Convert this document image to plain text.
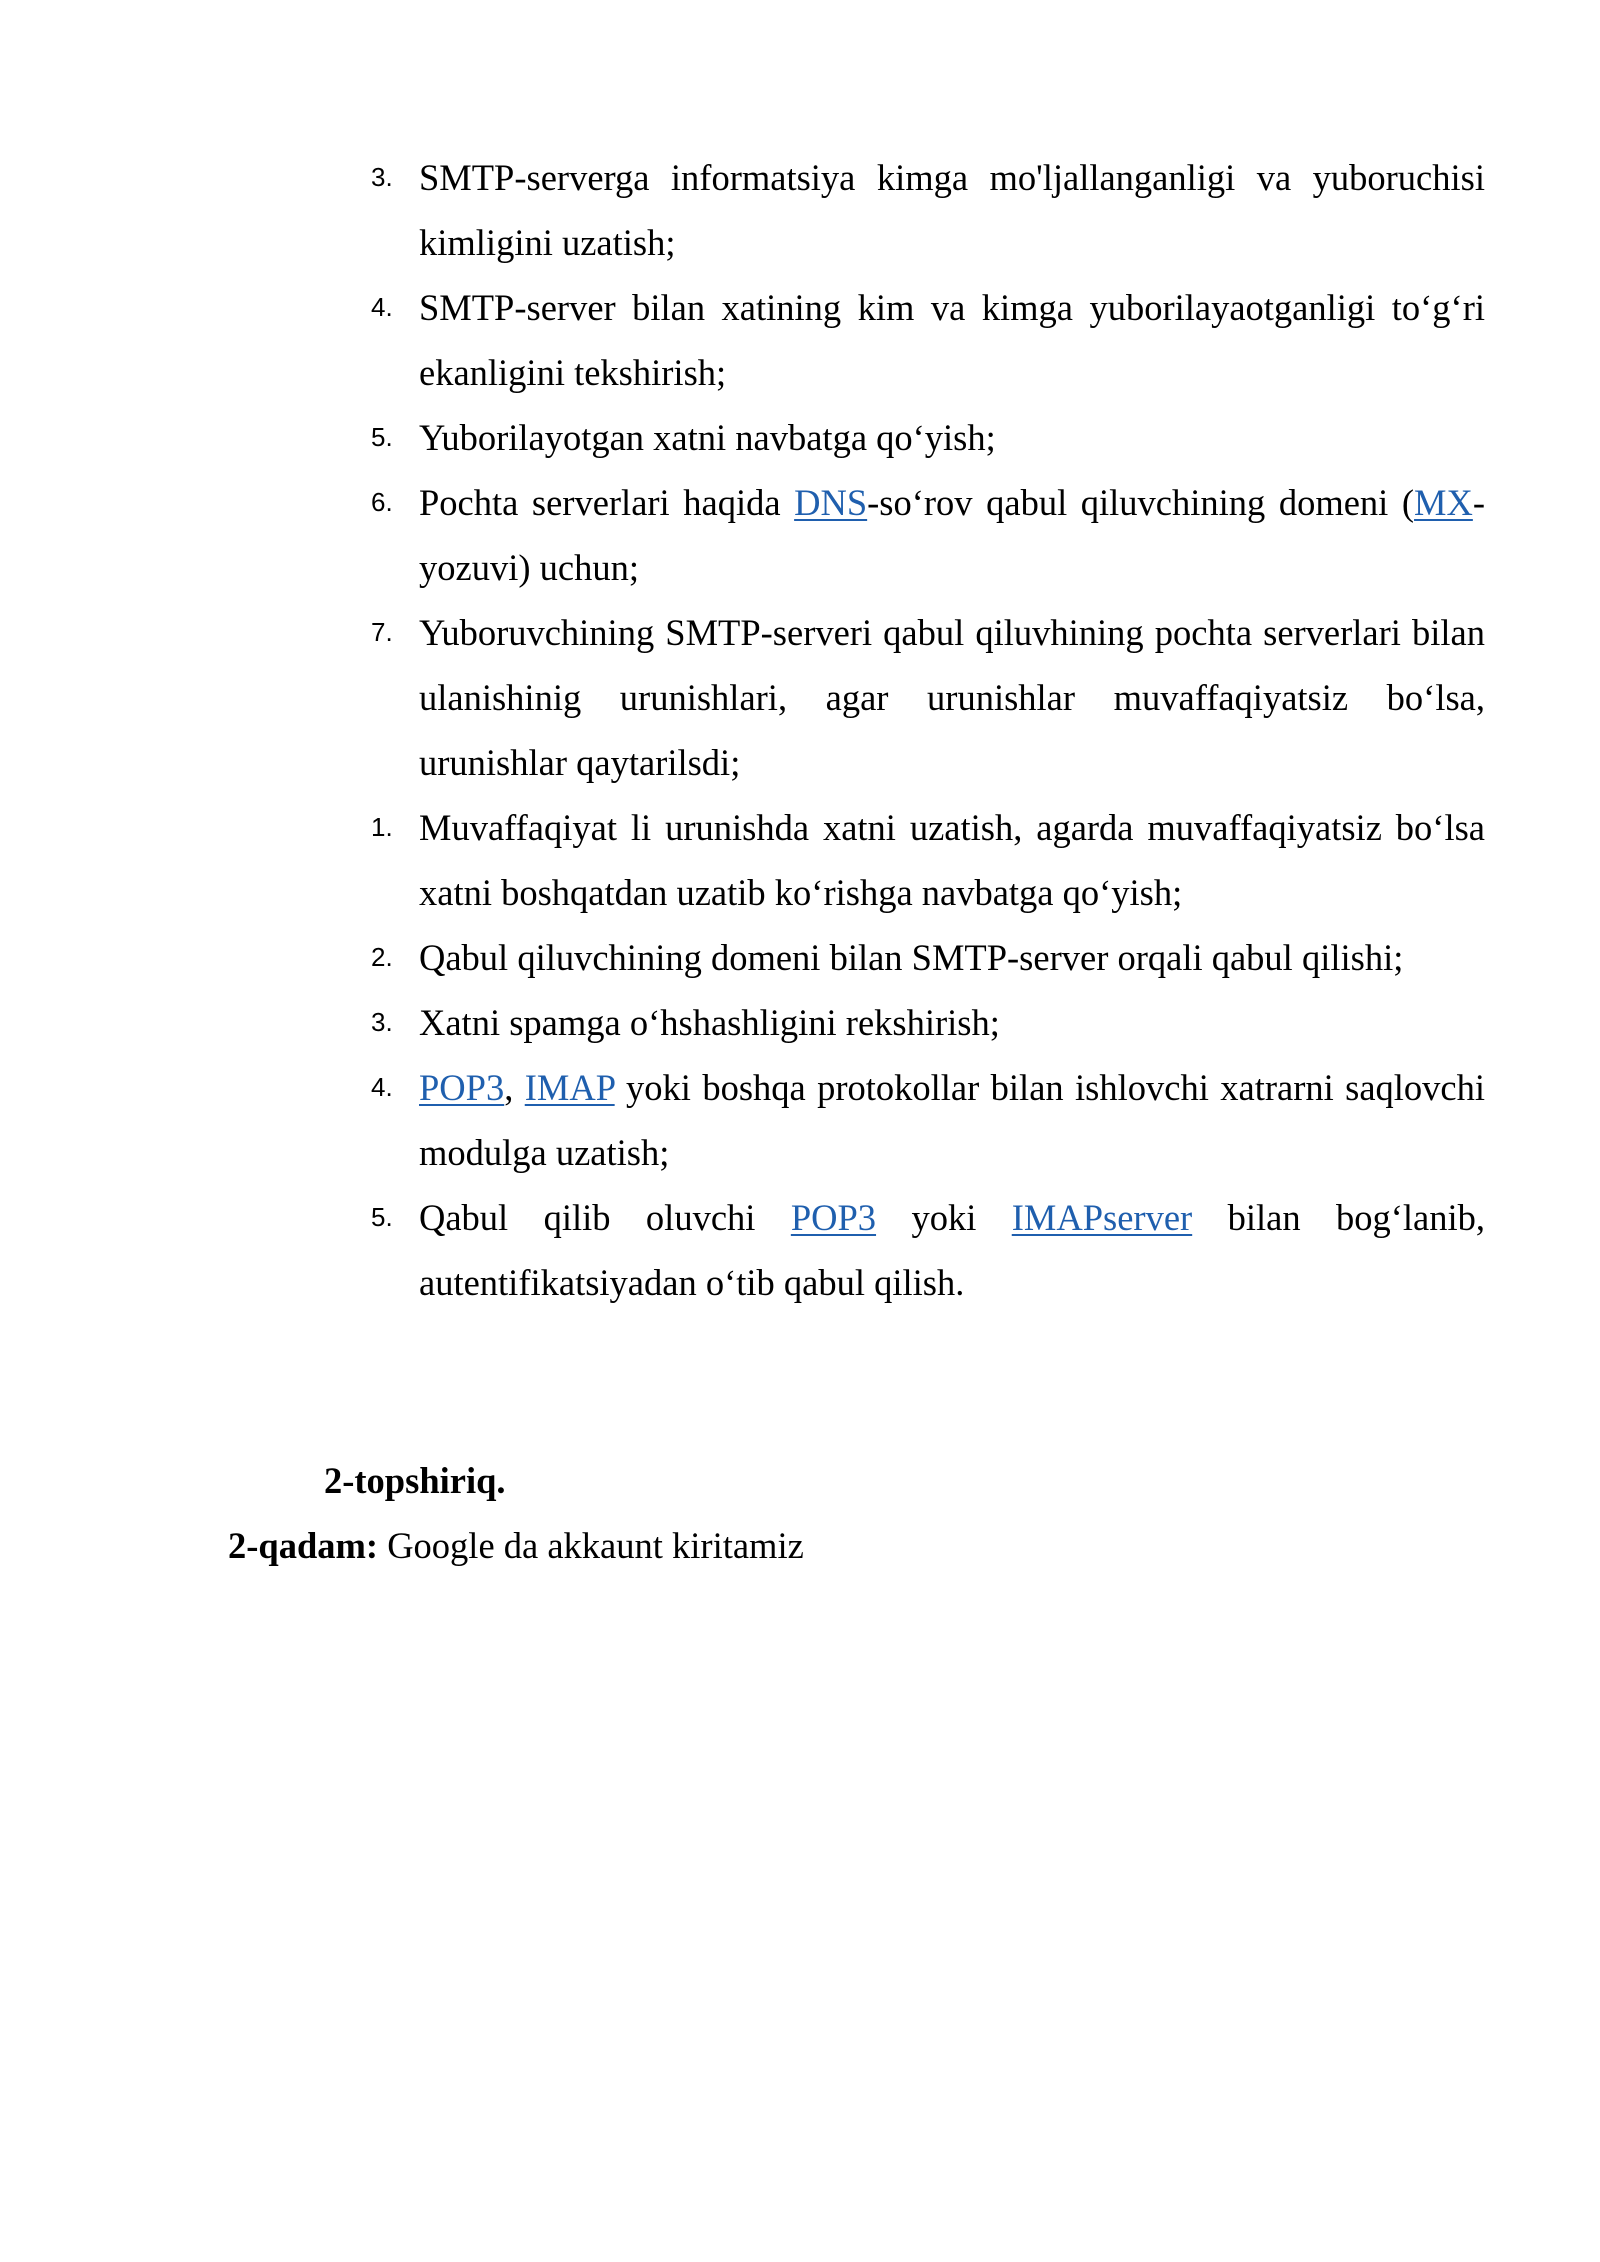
3. SMTP-serverga informatsiya kimga mo'ljallanganligi va yuboruchisi kimligini uzatish;
4. SMTP-server bilan xatining kim va kimga yuborilayaotganligi to‘g‘ri ekanligini tekshirish;
5. Yuborilayotgan xatni navbatga qo‘yish;
6. Pochta serverlari haqida DNS-so‘rov qabul qiluvchining domeni (MX-yozuvi) uchun;
7. Yuboruvchining SMTP-serveri qabul qiluvhining pochta serverlari bilan ulanishinig urunishlari, agar urunishlar muvaffaqiyatsiz bo‘lsa, urunishlar qaytarilsdi;
1. Muvaffaqiyat li urunishda xatni uzatish, agarda muvaffaqiyatsiz bo‘lsa xatni boshqatdan uzatib ko‘rishga navbatga qo‘yish;
2. Qabul qiluvchining domeni bilan SMTP-server orqali qabul qilishi;
3. Xatni spamga o‘hshashligini rekshirish;
4. POP3, IMAP yoki boshqa protokollar bilan ishlovchi xatrarni saqlovchi modulga uzatish;
5. Qabul qilib oluvchi POP3 yoki IMAPserver bilan bog‘lanib, autentifikatsiyadan o‘tib qabul qilish.

2-topshiriq.

2-qadam: Google da akkaunt kiritamiz
